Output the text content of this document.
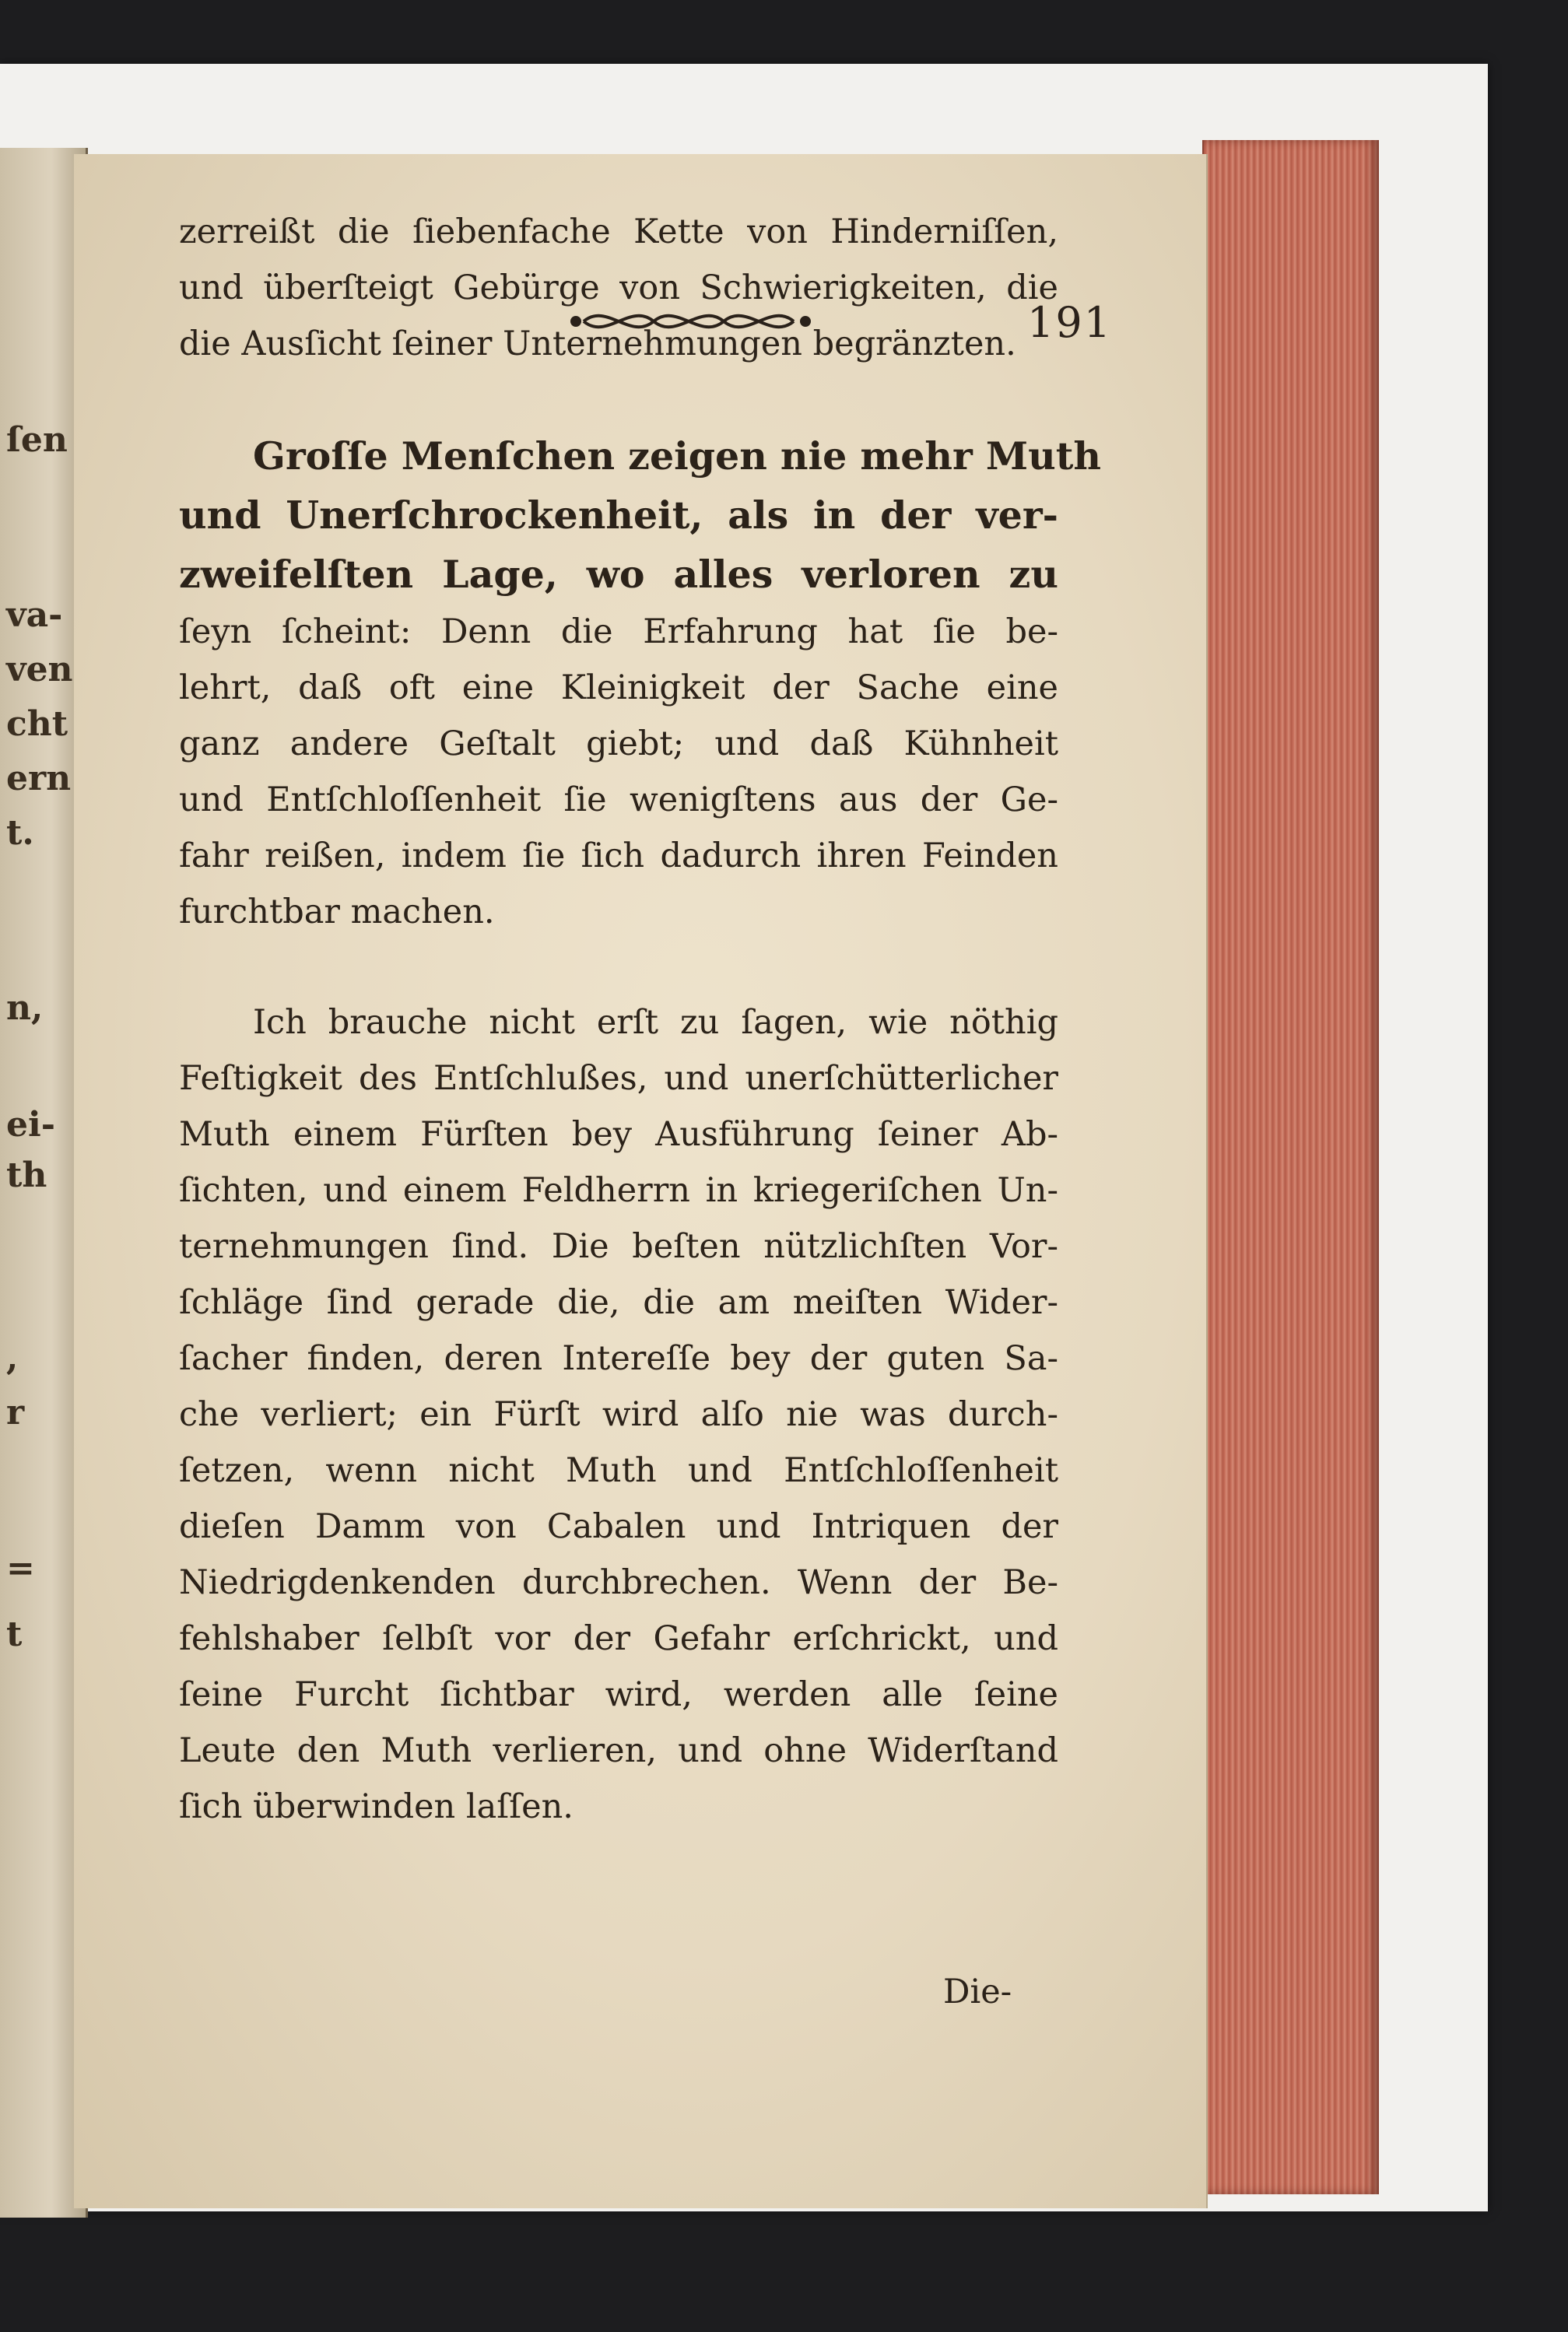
ſen
va-
ven
cht
ern
t.
n,
ei-
th
,
r
=
t
191
zerreißt die ſiebenfache Kette von Hinderniſſen,
und überſteigt Gebürge von Schwierigkeiten, die
die Ausſicht ſeiner Unternehmungen begränzten.
Groſſe Menſchen zeigen nie mehr Muth
und Unerſchrockenheit, als in der ver-
zweifelſten Lage, wo alles verloren zu
ſeyn ſcheint: Denn die Erfahrung hat ſie be-
lehrt, daß oft eine Kleinigkeit der Sache eine
ganz andere Geſtalt giebt; und daß Kühnheit
und Entſchloſſenheit ſie wenigſtens aus der Ge-
fahr reißen, indem ſie ſich dadurch ihren Feinden
furchtbar machen.
Ich brauche nicht erſt zu ſagen, wie nöthig
Feſtigkeit des Entſchlußes, und unerſchütterlicher
Muth einem Fürſten bey Ausführung ſeiner Ab-
ſichten, und einem Feldherrn in kriegeriſchen Un-
ternehmungen ſind. Die beſten nützlichſten Vor-
ſchläge ſind gerade die, die am meiſten Wider-
ſacher finden, deren Intereſſe bey der guten Sa-
che verliert; ein Fürſt wird alſo nie was durch-
ſetzen, wenn nicht Muth und Entſchloſſenheit
dieſen Damm von Cabalen und Intriquen der
Niedrigdenkenden durchbrechen. Wenn der Be-
fehlshaber ſelbſt vor der Gefahr erſchrickt, und
ſeine Furcht ſichtbar wird, werden alle ſeine
Leute den Muth verlieren, und ohne Widerſtand
ſich überwinden laſſen.
Die-
